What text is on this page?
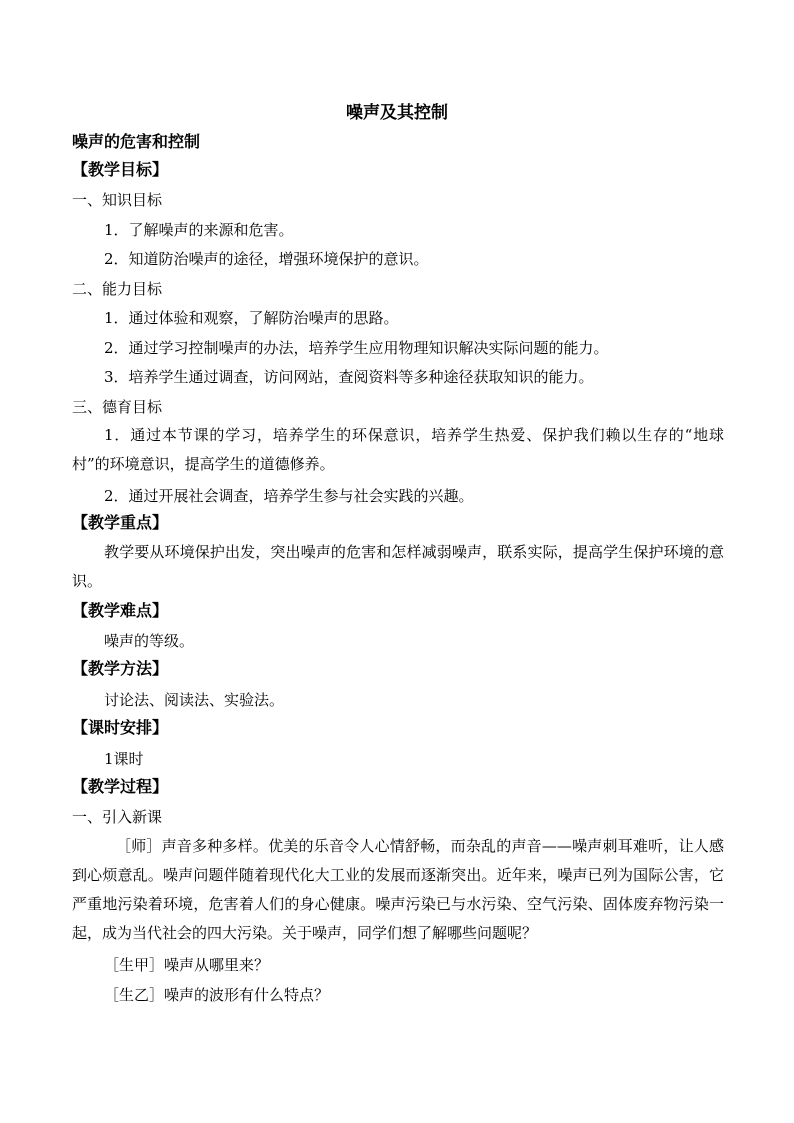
噪声及其控制
噪声的危害和控制
【教学目标】
一、知识目标
1．了解噪声的来源和危害。
2．知道防治噪声的途径，增强环境保护的意识。
二、能力目标
1．通过体验和观察，了解防治噪声的思路。
2．通过学习控制噪声的办法，培养学生应用物理知识解决实际问题的能力。
3．培养学生通过调查，访问网站，查阅资料等多种途径获取知识的能力。
三、德育目标
1．通过本节课的学习，培养学生的环保意识，培养学生热爱、保护我们赖以生存的“地球村”的环境意识，提高学生的道德修养。
2．通过开展社会调查，培养学生参与社会实践的兴趣。
【教学重点】
教学要从环境保护出发，突出噪声的危害和怎样减弱噪声，联系实际，提高学生保护环境的意识。
【教学难点】
噪声的等级。
【教学方法】
讨论法、阅读法、实验法。
【课时安排】
1课时
【教学过程】
一、引入新课
［师］声音多种多样。优美的乐音令人心情舒畅，而杂乱的声音——噪声刺耳难听，让人感到心烦意乱。噪声问题伴随着现代化大工业的发展而逐渐突出。近年来，噪声已列为国际公害，它严重地污染着环境，危害着人们的身心健康。噪声污染已与水污染、空气污染、固体废弃物污染一起，成为当代社会的四大污染。关于噪声，同学们想了解哪些问题呢？
［生甲］噪声从哪里来？
［生乙］噪声的波形有什么特点？
